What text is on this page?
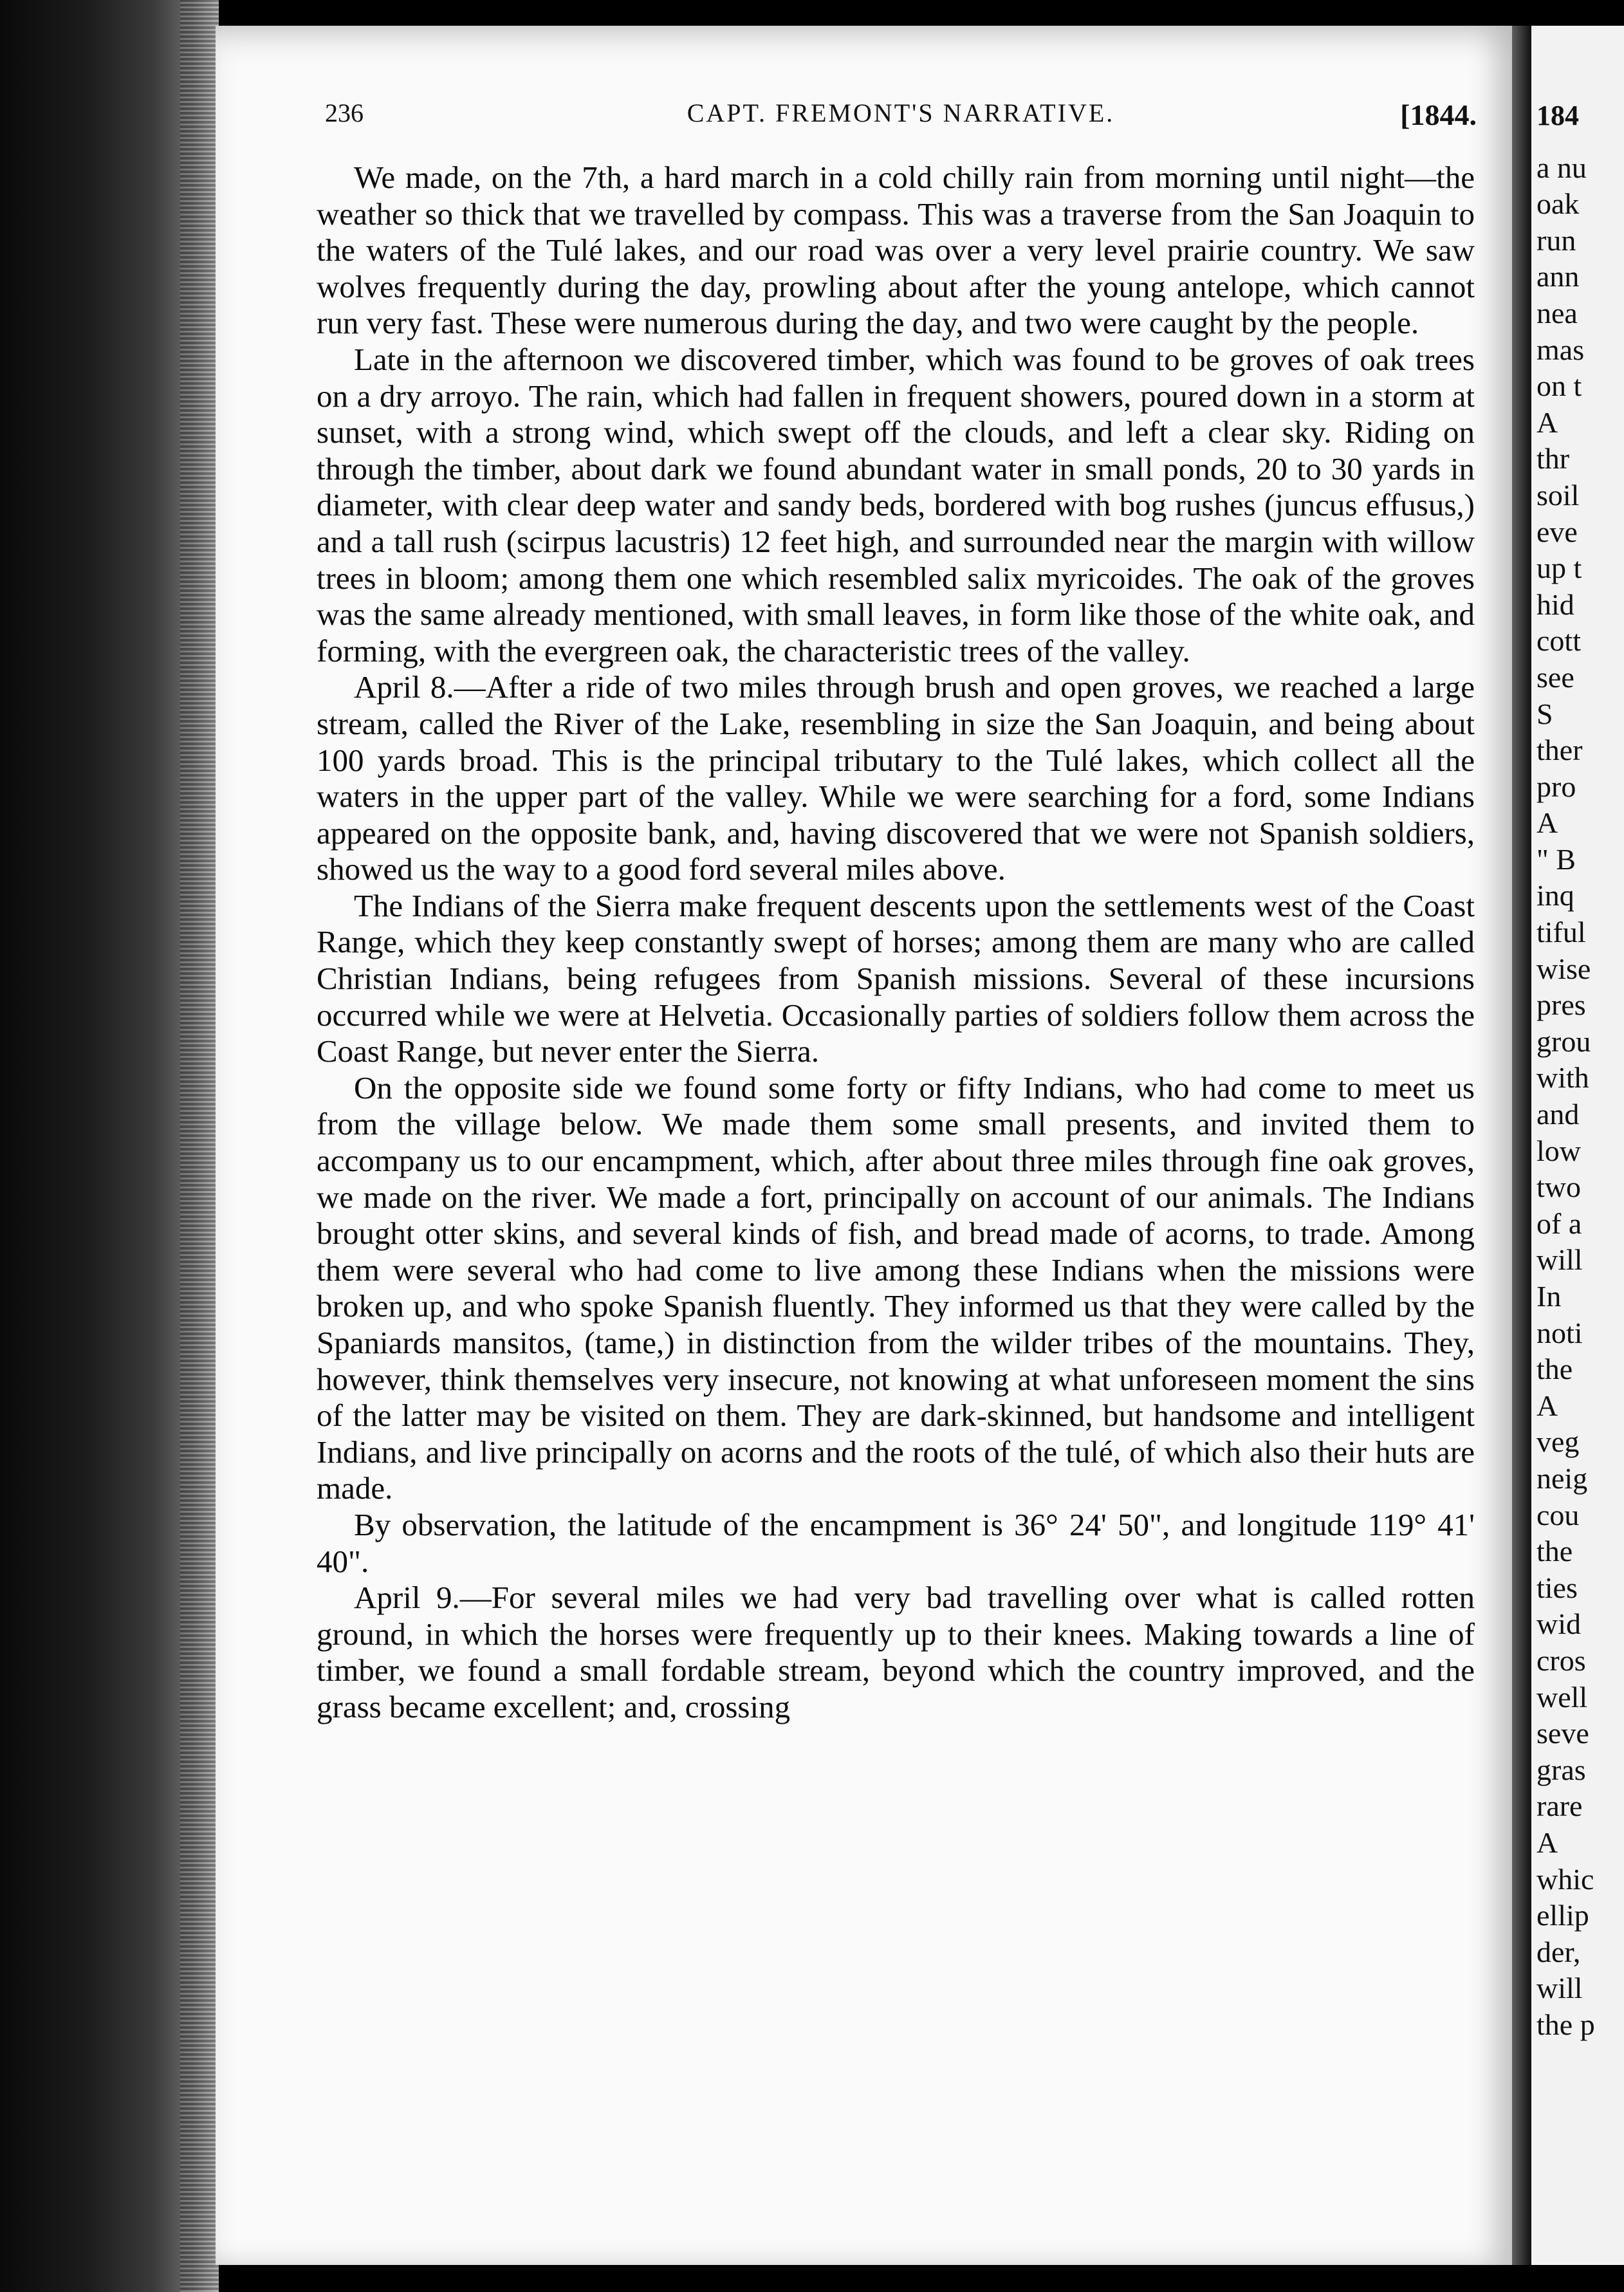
184
a nu
oak
run
ann
nea
mas
on t
A
thr
soil
eve
up t
hid
cott
see
S
ther
pro
A
" B
inq
tiful
wise
pres
grou
with
and
low
two
of a
will
In
noti
the
A
veg
neig
cou
the
ties
wid
cros
well
seve
gras
rare
A
whic
ellip
der,
will
the p
236	CAPT. FREMONT'S NARRATIVE.	[1844.

We made, on the 7th, a hard march in a cold chilly rain from morning until night—the weather so thick that we travelled by compass. This was a traverse from the San Joaquin to the waters of the Tulé lakes, and our road was over a very level prairie country. We saw wolves frequently during the day, prowling about after the young antelope, which cannot run very fast. These were numerous during the day, and two were caught by the people.

Late in the afternoon we discovered timber, which was found to be groves of oak trees on a dry arroyo. The rain, which had fallen in frequent showers, poured down in a storm at sunset, with a strong wind, which swept off the clouds, and left a clear sky. Riding on through the timber, about dark we found abundant water in small ponds, 20 to 30 yards in diameter, with clear deep water and sandy beds, bordered with bog rushes (juncus effusus,) and a tall rush (scirpus lacustris) 12 feet high, and surrounded near the margin with willow trees in bloom; among them one which resembled salix myricoides. The oak of the groves was the same already mentioned, with small leaves, in form like those of the white oak, and forming, with the evergreen oak, the characteristic trees of the valley.

April 8.—After a ride of two miles through brush and open groves, we reached a large stream, called the River of the Lake, resembling in size the San Joaquin, and being about 100 yards broad. This is the principal tributary to the Tulé lakes, which collect all the waters in the upper part of the valley. While we were searching for a ford, some Indians appeared on the opposite bank, and, having discovered that we were not Spanish soldiers, showed us the way to a good ford several miles above.

The Indians of the Sierra make frequent descents upon the settlements west of the Coast Range, which they keep constantly swept of horses; among them are many who are called Christian Indians, being refugees from Spanish missions. Several of these incursions occurred while we were at Helvetia. Occasionally parties of soldiers follow them across the Coast Range, but never enter the Sierra.

On the opposite side we found some forty or fifty Indians, who had come to meet us from the village below. We made them some small presents, and invited them to accompany us to our encampment, which, after about three miles through fine oak groves, we made on the river. We made a fort, principally on account of our animals. The Indians brought otter skins, and several kinds of fish, and bread made of acorns, to trade. Among them were several who had come to live among these Indians when the missions were broken up, and who spoke Spanish fluently. They informed us that they were called by the Spaniards mansitos, (tame,) in distinction from the wilder tribes of the mountains. They, however, think themselves very insecure, not knowing at what unforeseen moment the sins of the latter may be visited on them. They are dark-skinned, but handsome and intelligent Indians, and live principally on acorns and the roots of the tulé, of which also their huts are made.

By observation, the latitude of the encampment is 36° 24' 50", and longitude 119° 41' 40".

April 9.—For several miles we had very bad travelling over what is called rotten ground, in which the horses were frequently up to their knees. Making towards a line of timber, we found a small fordable stream, beyond which the country improved, and the grass became excellent; and, crossing
